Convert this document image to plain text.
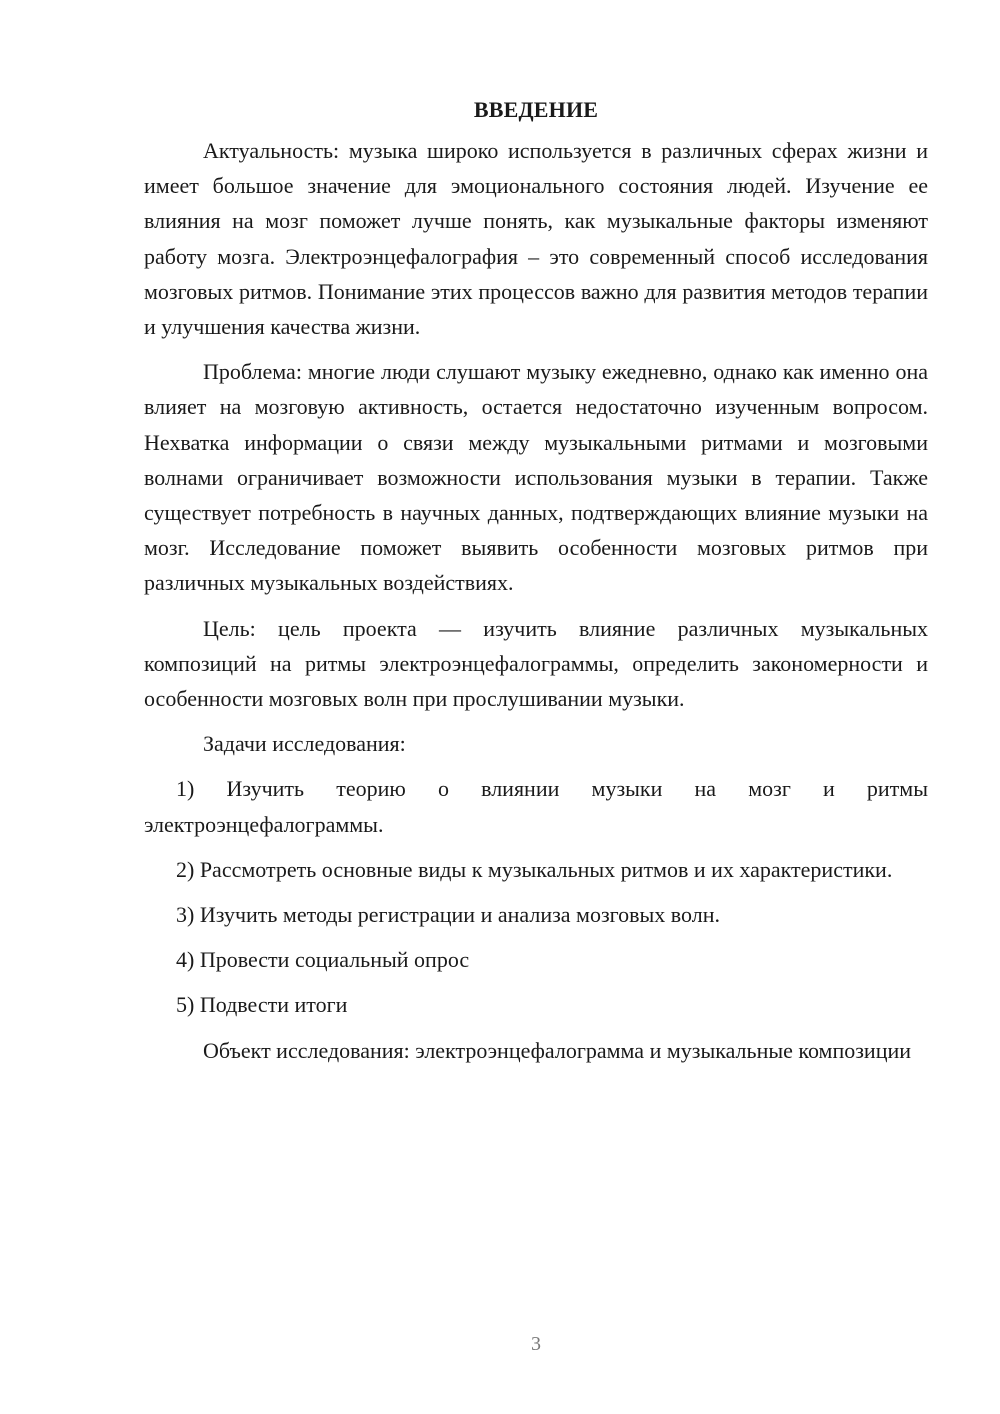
ВВЕДЕНИЕ

Актуальность: музыка широко используется в различных сферах жизни и имеет большое значение для эмоционального состояния людей. Изучение ее влияния на мозг поможет лучше понять, как музыкальные факторы изменяют работу мозга. Электроэнцефалография – это современный способ исследования мозговых ритмов. Понимание этих процессов важно для развития методов терапии и улучшения качества жизни.

Проблема: многие люди слушают музыку ежедневно, однако как именно она влияет на мозговую активность, остается недостаточно изученным вопросом. Нехватка информации о связи между музыкальными ритмами и мозговыми волнами ограничивает возможности использования музыки в терапии. Также существует потребность в научных данных, подтверждающих влияние музыки на мозг. Исследование поможет выявить особенности мозговых ритмов при различных музыкальных воздействиях.

Цель: цель проекта — изучить влияние различных музыкальных композиций на ритмы электроэнцефалограммы, определить закономерности и особенности мозговых волн при прослушивании музыки.

Задачи исследования:

1) Изучить теорию о влиянии музыки на мозг и ритмы электроэнцефалограммы.

2) Рассмотреть основные виды к музыкальных ритмов и их характеристики.

3) Изучить методы регистрации и анализа мозговых волн.

4) Провести социальный опрос

5) Подвести итоги

Объект исследования: электроэнцефалограмма и музыкальные композиции

3
